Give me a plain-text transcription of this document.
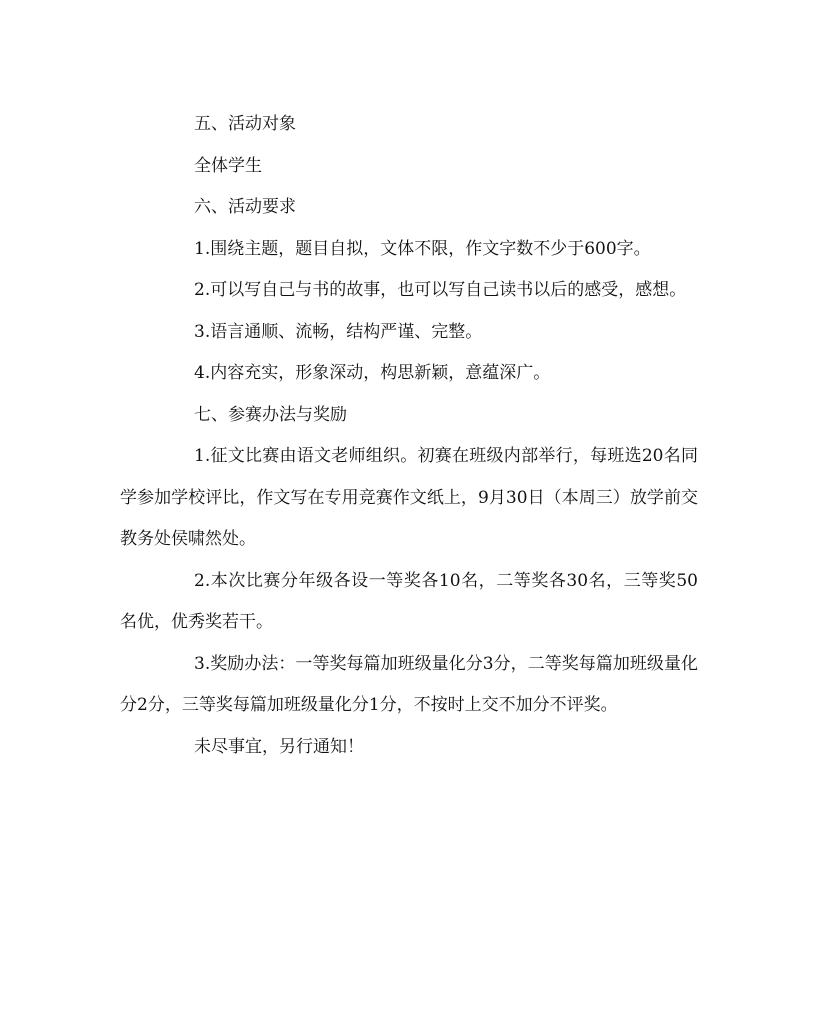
五、活动对象

全体学生

六、活动要求

1.围绕主题，题目自拟，文体不限，作文字数不少于600字。

2.可以写自己与书的故事，也可以写自己读书以后的感受，感想。

3.语言通顺、流畅，结构严谨、完整。

4.内容充实，形象深动，构思新颖，意蕴深广。

七、参赛办法与奖励

1.征文比赛由语文老师组织。初赛在班级内部举行，每班选20名同学参加学校评比，作文写在专用竞赛作文纸上，9月30日（本周三）放学前交教务处侯啸然处。

2.本次比赛分年级各设一等奖各10名，二等奖各30名，三等奖50名优，优秀奖若干。

3.奖励办法：一等奖每篇加班级量化分3分，二等奖每篇加班级量化分2分，三等奖每篇加班级量化分1分，不按时上交不加分不评奖。

未尽事宜，另行通知！
